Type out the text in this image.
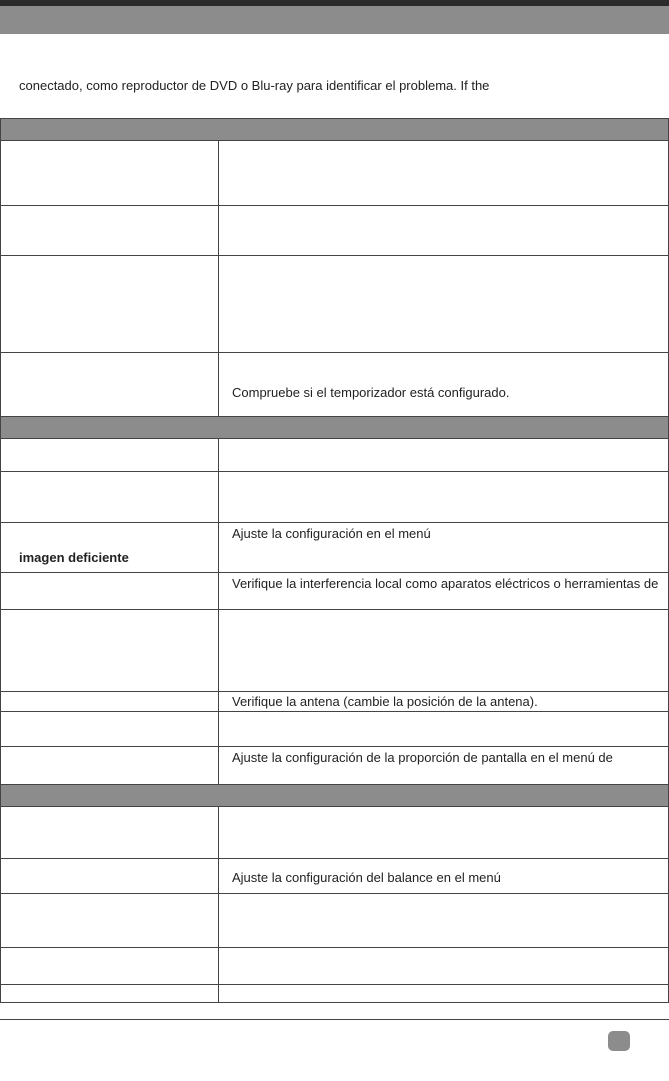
conectado, como reproductor de DVD o Blu-ray para identificar el problema. If the
Compruebe si el temporizador está configurado.
imagen deficiente
Ajuste la configuración en el menú
Verifique la interferencia local como aparatos eléctricos o herramientas de
Verifique la antena (cambie la posición de la antena).
Ajuste la configuración de la proporción de pantalla en el menú de
Ajuste la configuración del balance en el menú
